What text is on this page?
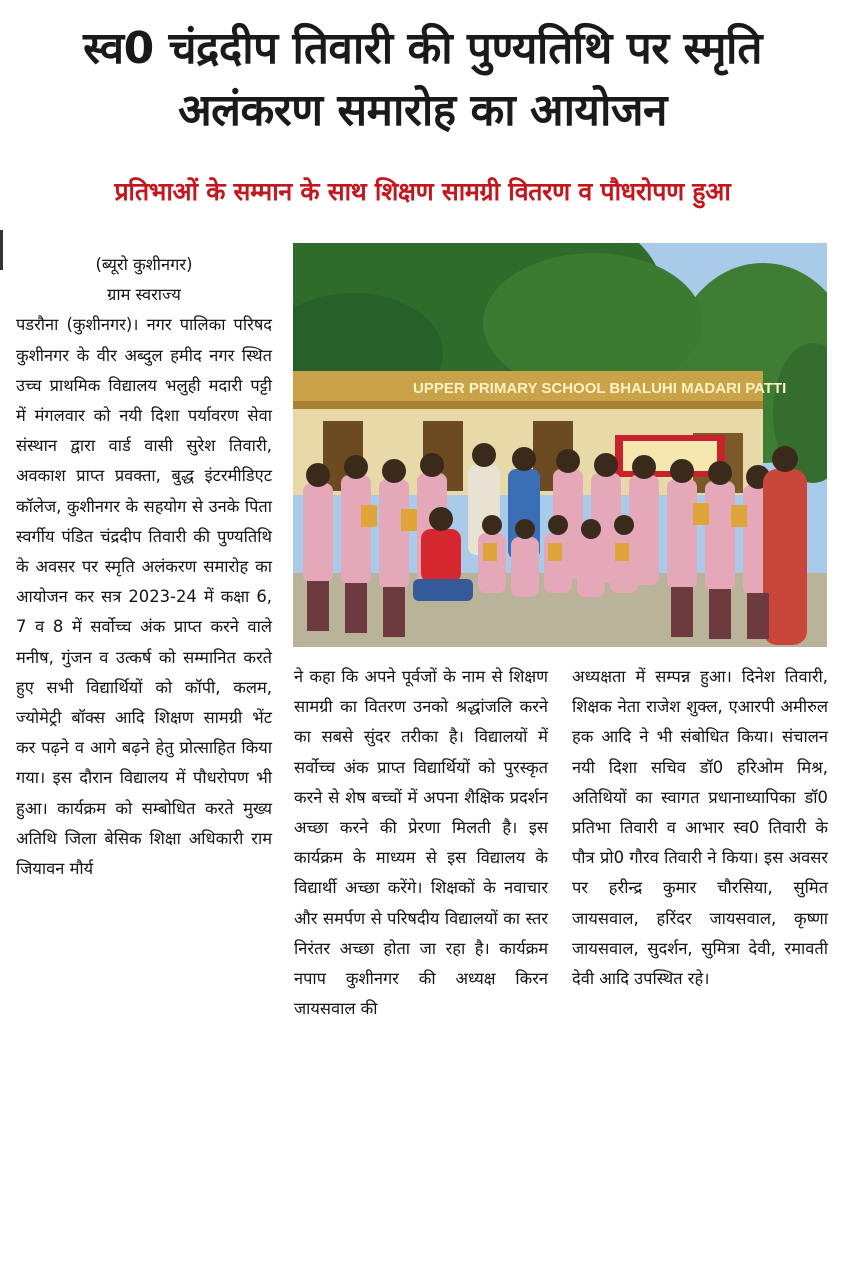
स्व0 चंद्रदीप तिवारी की पुण्यतिथि पर स्मृति
अलंकरण समारोह का आयोजन
प्रतिभाओं के सम्मान के साथ शिक्षण सामग्री वितरण व पौधरोपण हुआ
(ब्यूरो कुशीनगर)
ग्राम स्वराज्य
पडरौना (कुशीनगर)। नगर पालिका परिषद कुशीनगर के वीर अब्दुल हमीद नगर स्थित उच्च प्राथमिक विद्यालय भलुही मदारी पट्टी में मंगलवार को नयी दिशा पर्यावरण सेवा संस्थान द्वारा वार्ड वासी सुरेश तिवारी, अवकाश प्राप्त प्रवक्ता, बुद्ध इंटरमीडिएट कॉलेज, कुशीनगर के सहयोग से उनके पिता स्वर्गीय पंडित चंद्रदीप तिवारी की पुण्यतिथि के अवसर पर स्मृति अलंकरण समारोह का आयोजन कर सत्र 2023-24 में कक्षा 6, 7 व 8 में सर्वोच्च अंक प्राप्त करने वाले मनीष, गुंजन व उत्कर्ष को सम्मानित करते हुए सभी विद्यार्थियों को कॉपी, कलम, ज्योमेट्री बॉक्स आदि शिक्षण सामग्री भेंट कर पढ़ने व आगे बढ़ने हेतु प्रोत्साहित किया गया। इस दौरान विद्यालय में पौधरोपण भी हुआ। कार्यक्रम को सम्बोधित करते मुख्य अतिथि जिला बेसिक शिक्षा अधिकारी राम जियावन मौर्य
UPPER PRIMARY SCHOOL BHALUHI MADARI PATTI
ने कहा कि अपने पूर्वजों के नाम से शिक्षण सामग्री का वितरण उनको श्रद्धांजलि करने का सबसे सुंदर तरीका है। विद्यालयों में सर्वोच्च अंक प्राप्त विद्यार्थियों को पुरस्कृत करने से शेष बच्चों में अपना शैक्षिक प्रदर्शन अच्छा करने की प्रेरणा मिलती है। इस कार्यक्रम के माध्यम से इस विद्यालय के विद्यार्थी अच्छा करेंगे। शिक्षकों के नवाचार और समर्पण से परिषदीय विद्यालयों का स्तर निरंतर अच्छा होता जा रहा है। कार्यक्रम नपाप कुशीनगर की अध्यक्ष किरन जायसवाल की
अध्यक्षता में सम्पन्न हुआ। दिनेश तिवारी, शिक्षक नेता राजेश शुक्ल, एआरपी अमीरुल हक आदि ने भी संबोधित किया। संचालन नयी दिशा सचिव डॉ0 हरिओम मिश्र, अतिथियों का स्वागत प्रधानाध्यापिका डॉ0 प्रतिभा तिवारी व आभार स्व0 तिवारी के पौत्र प्रो0 गौरव तिवारी ने किया। इस अवसर पर हरीन्द्र कुमार चौरसिया, सुमित जायसवाल, हरिंदर जायसवाल, कृष्णा जायसवाल, सुदर्शन, सुमित्रा देवी, रमावती देवी आदि उपस्थित रहे।
